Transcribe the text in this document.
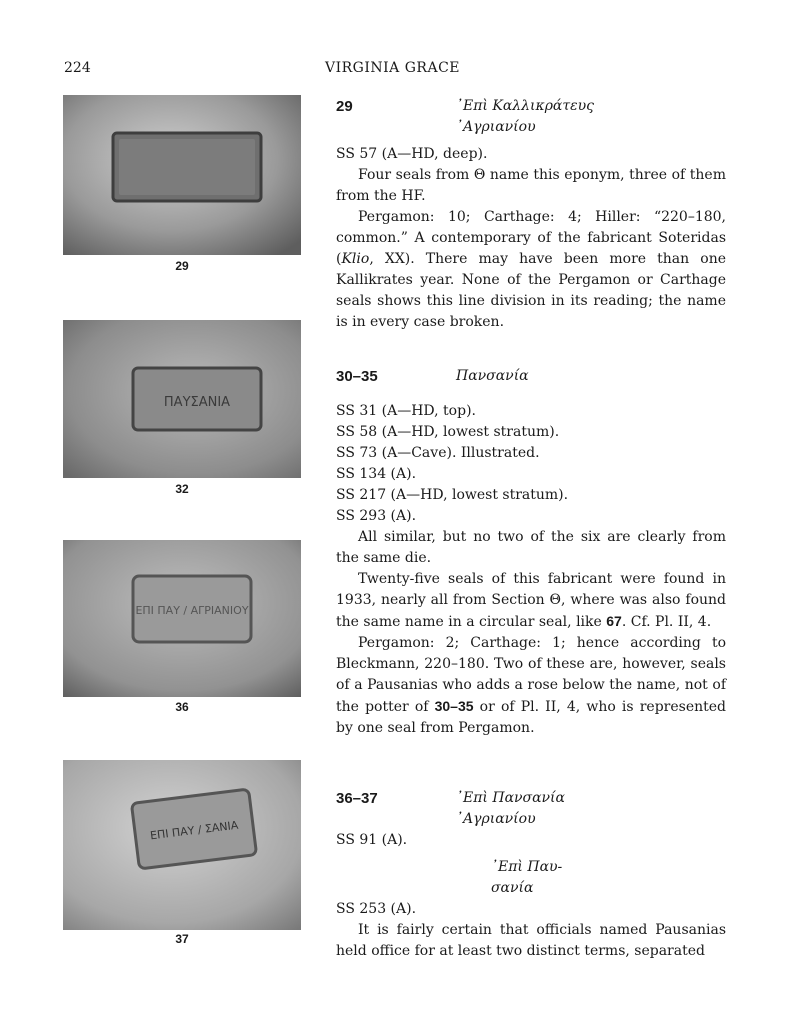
224	VIRGINIA GRACE
29
ΠΑΥΣΑΝΙΑ
32
ΕΠΙ ΠΑΥ / ΑΓΡΙΑΝΙΟΥ
36
ΕΠΙ ΠΑΥ / ΣΑΝΙΑ
37
29	᾽Επὶ Καλλικράτευς
᾽Αγριανίου
SS 57 (A—HD, deep).

Four seals from Θ name this eponym, three of them from the HF.

Pergamon: 10; Carthage: 4; Hiller: “220–180, common.” A contemporary of the fabricant Soteridas (Klio, XX). There may have been more than one Kallikrates year. None of the Pergamon or Carthage seals shows this line division in its reading; the name is in every case broken.

30–35	Πανσανία
SS 31 (A—HD, top).
SS 58 (A—HD, lowest stratum).
SS 73 (A—Cave). Illustrated.
SS 134 (A).
SS 217 (A—HD, lowest stratum).
SS 293 (A).

All similar, but no two of the six are clearly from the same die.

Twenty-five seals of this fabricant were found in 1933, nearly all from Section Θ, where was also found the same name in a circular seal, like 67. Cf. Pl. II, 4.

Pergamon: 2; Carthage: 1; hence according to Bleckmann, 220–180. Two of these are, however, seals of a Pausanias who adds a rose below the name, not of the potter of 30–35 or of Pl. II, 4, who is represented by one seal from Pergamon.

36–37	᾽Επὶ Πανσανία
᾽Αγριανίου
SS 91 (A).
᾽Επὶ Παυ-
σανία
SS 253 (A).

It is fairly certain that officials named Pausanias held office for at least two distinct terms, separated
